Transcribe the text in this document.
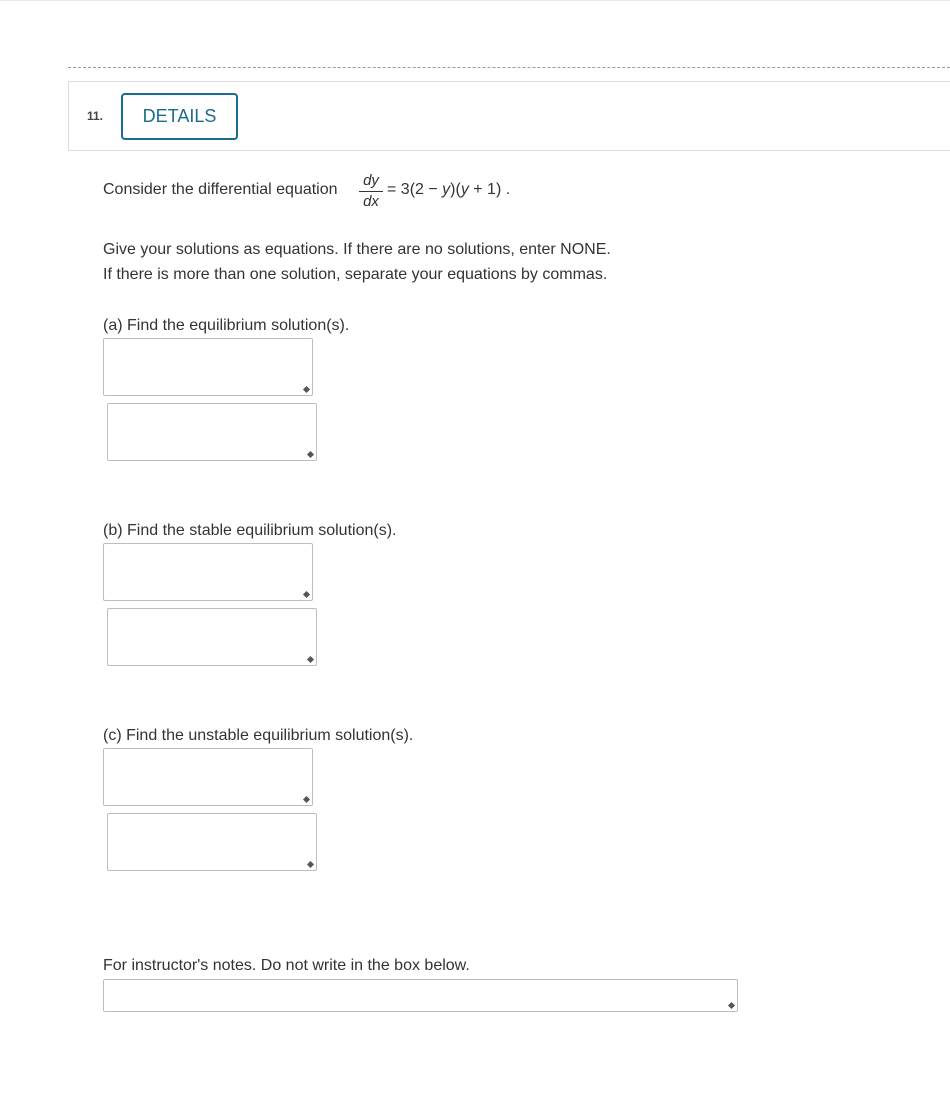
11.	DETAILS
Consider the differential equation
dy
dx
= 3(2 − y)(y + 1) .
Give your solutions as equations. If there are no solutions, enter NONE.
If there is more than one solution, separate your equations by commas.
(a) Find the equilibrium solution(s).
(b) Find the stable equilibrium solution(s).
(c) Find the unstable equilibrium solution(s).
For instructor's notes. Do not write in the box below.
